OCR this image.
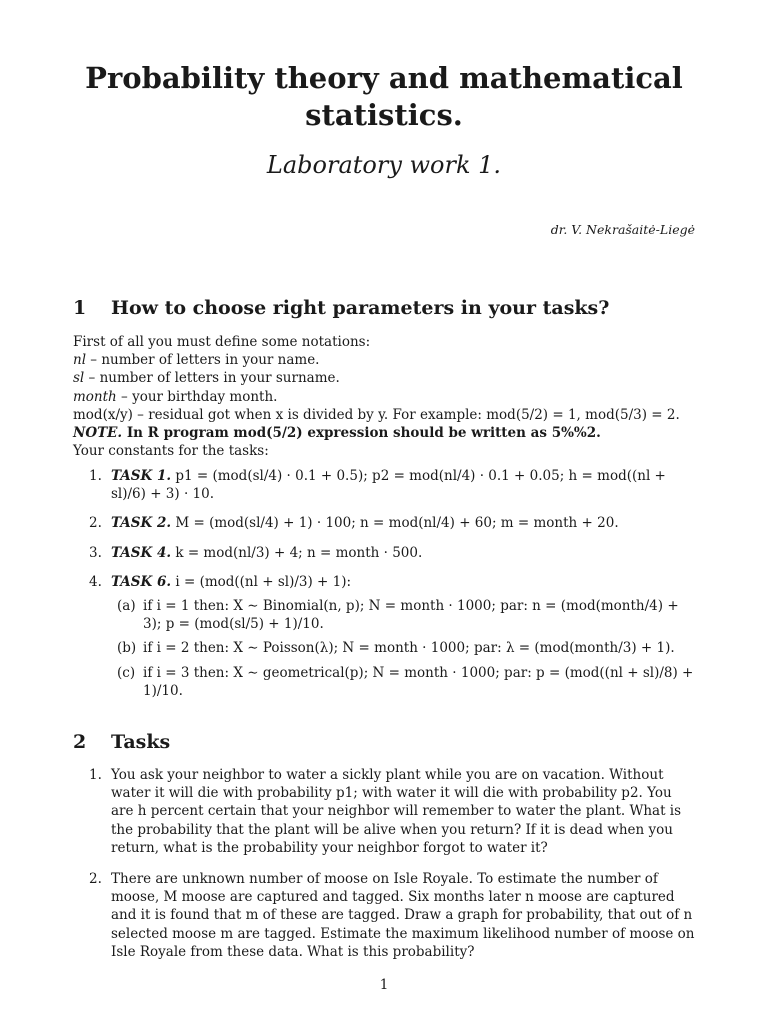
Probability theory and mathematical statistics.
Laboratory work 1.
dr. V. Nekrašaitė-Liegė
1 How to choose right parameters in your tasks?
First of all you must define some notations:
nl – number of letters in your name.
sl – number of letters in your surname.
month – your birthday month.
mod(x/y) – residual got when x is divided by y. For example: mod(5/2) = 1, mod(5/3) = 2.
NOTE. In R program mod(5/2) expression should be written as 5%%2.
Your constants for the tasks:
1. TASK 1. p1 = (mod(sl/4) · 0.1 + 0.5); p2 = mod(nl/4) · 0.1 + 0.05; h = mod((nl + sl)/6) + 3) · 10.
2. TASK 2. M = (mod(sl/4) + 1) · 100; n = mod(nl/4) + 60; m = month + 20.
3. TASK 4. k = mod(nl/3) + 4; n = month · 500.
4. TASK 6. i = (mod((nl + sl)/3) + 1):
(a) if i = 1 then: X ∼ Binomial(n, p); N = month · 1000; par: n = (mod(month/4) + 3); p = (mod(sl/5) + 1)/10.
(b) if i = 2 then: X ∼ Poisson(λ); N = month · 1000; par: λ = (mod(month/3) + 1).
(c) if i = 3 then: X ∼ geometrical(p); N = month · 1000; par: p = (mod((nl + sl)/8) + 1)/10.
2 Tasks
1. You ask your neighbor to water a sickly plant while you are on vacation. Without water it will die with probability p1; with water it will die with probability p2. You are h percent certain that your neighbor will remember to water the plant. What is the probability that the plant will be alive when you return? If it is dead when you return, what is the probability your neighbor forgot to water it?
2. There are unknown number of moose on Isle Royale. To estimate the number of moose, M moose are captured and tagged. Six months later n moose are captured and it is found that m of these are tagged. Draw a graph for probability, that out of n selected moose m are tagged. Estimate the maximum likelihood number of moose on Isle Royale from these data. What is this probability?
1
